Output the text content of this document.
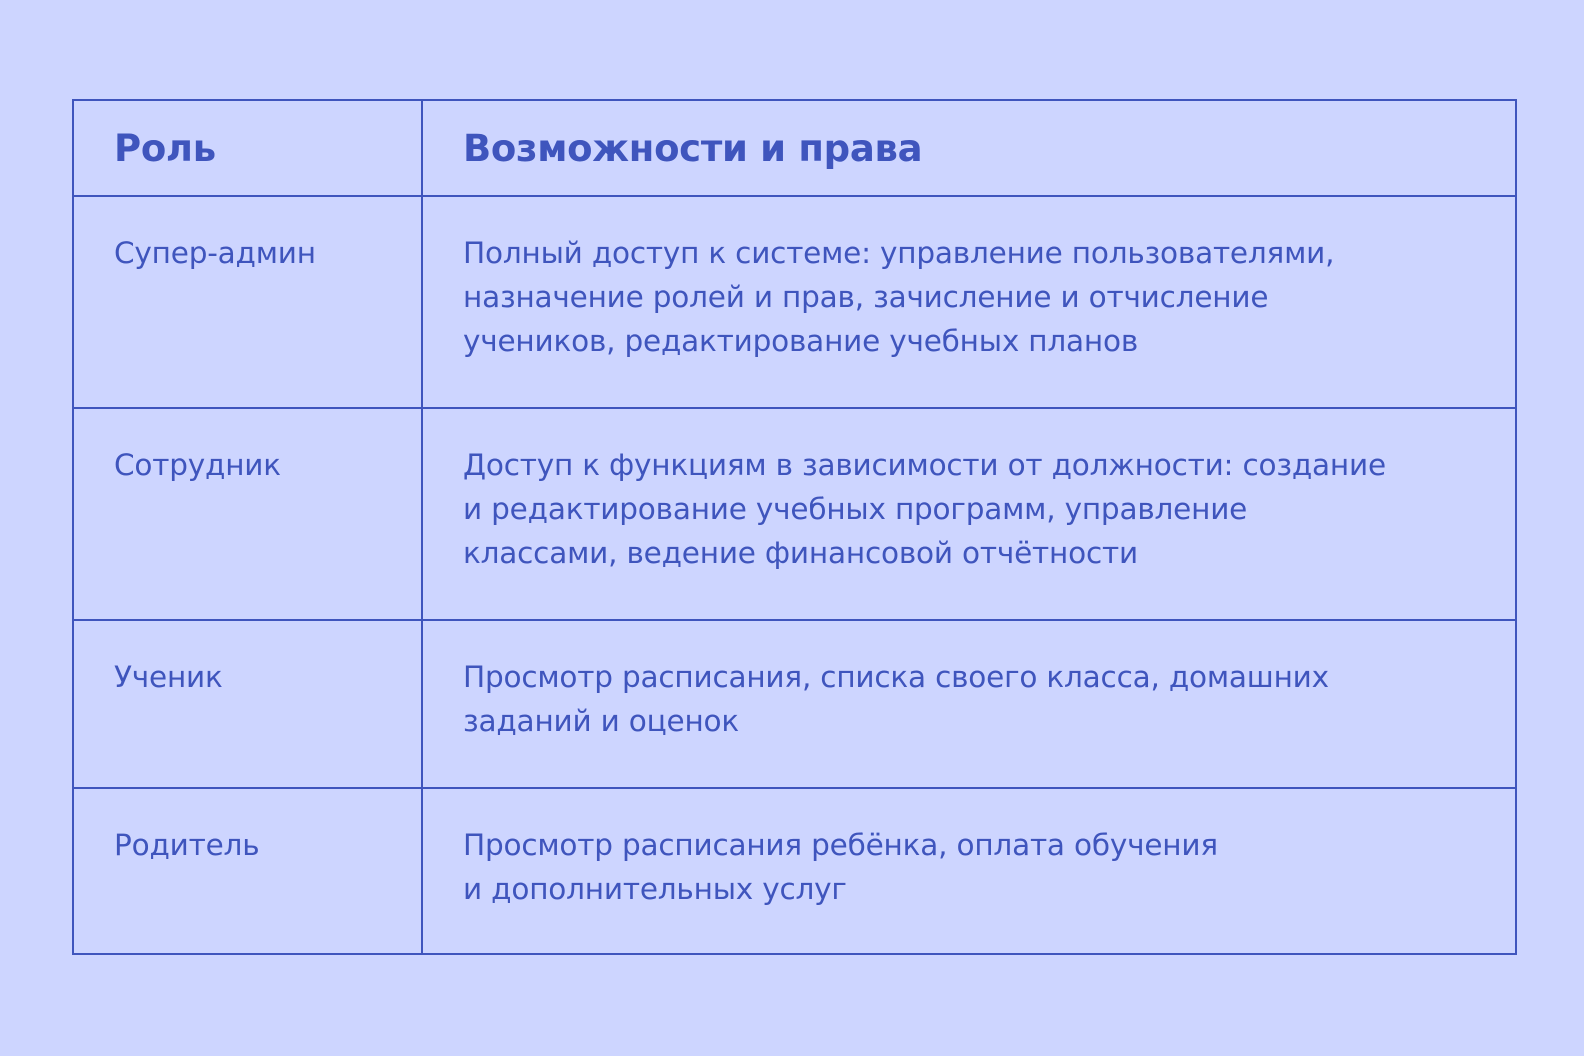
Роль	Возможности и права
Супер-админ	Полный доступ к системе: управление пользователями,
назначение ролей и прав, зачисление и отчисление
учеников, редактирование учебных планов

Сотрудник	Доступ к функциям в зависимости от должности: создание
и редактирование учебных программ, управление
классами, ведение финансовой отчётности

Ученик	Просмотр расписания, списка своего класса, домашних
заданий и оценок

Родитель	Просмотр расписания ребёнка, оплата обучения
и дополнительных услуг
